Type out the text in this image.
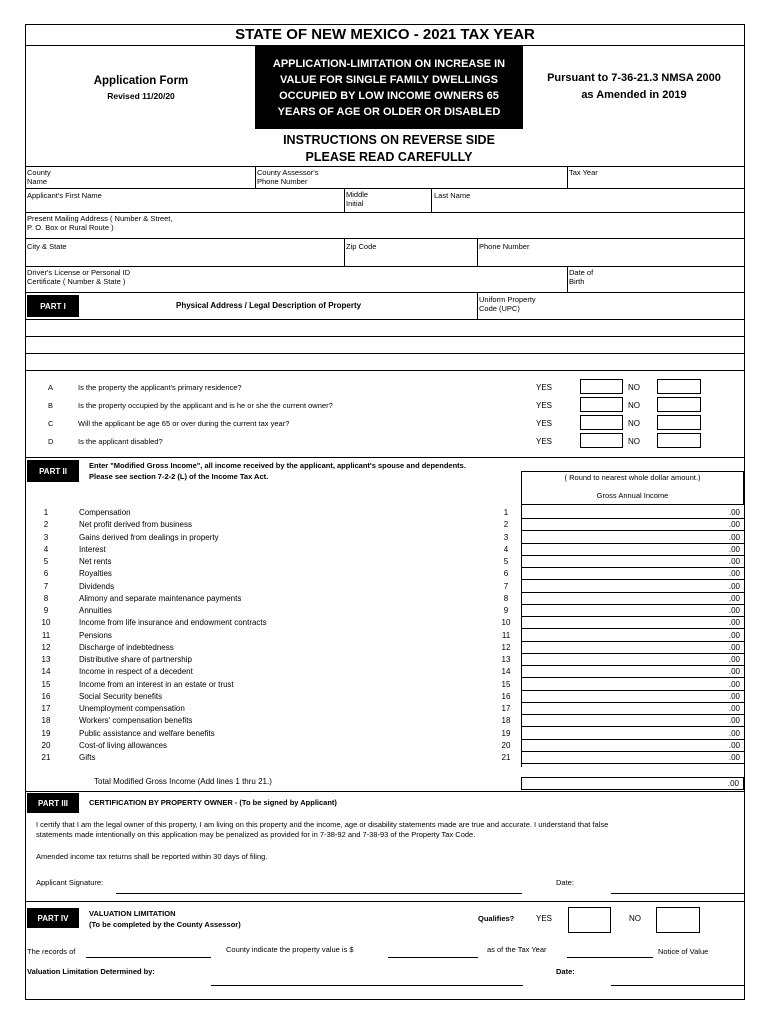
STATE OF NEW MEXICO - 2021 TAX YEAR
Application Form
Revised 11/20/20
APPLICATION-LIMITATION ON INCREASE IN
VALUE FOR SINGLE FAMILY DWELLINGS
OCCUPIED BY LOW INCOME OWNERS 65
YEARS OF AGE OR OLDER OR DISABLED
Pursuant to 7-36-21.3 NMSA 2000
as Amended in 2019
INSTRUCTIONS ON REVERSE SIDE
PLEASE READ CAREFULLY
County
Name
County Assessor's
Phone Number
Tax Year
Applicant's First Name	Middle
Initial
Last Name
Present Mailing Address ( Number & Street,
P. O. Box or Rural Route )
City & State	Zip Code	Phone Number
Driver's License or Personal ID
Certificate ( Number & State )
Date of
Birth
PART I	Physical Address / Legal Description of Property
Uniform Property
Code (UPC)
A	Is the property the applicant's primary residence?	YES	NO
B	Is the property occupied by the applicant and is he or she the current owner?	YES	NO
C	Will the applicant be age 65 or over during the current tax year?	YES	NO
D	Is the applicant disabled?	YES	NO
PART II
Enter "Modified Gross Income", all income received by the applicant, applicant's spouse and dependents.
Please see section 7-2-2 (L) of the Income Tax Act.	( Round to nearest whole dollar amount.)
Gross Annual Income
1	Compensation	1	.00
2	Net profit derived from business	2	.00
3	Gains derived from dealings in property	3	.00
4	Interest	4	.00
5	Net rents	5	.00
6	Royalties	6	.00
7	Dividends	7	.00
8	Alimony and separate maintenance payments	8	.00
9	Annuities	9	.00
10	Income from life insurance and endowment contracts	10	.00
11	Pensions	11	.00
12	Discharge of indebtedness	12	.00
13	Distributive share of partnership	13	.00
14	Income in respect of a decedent	14	.00
15	Income from an interest in an estate or trust	15	.00
16	Social Security benefits	16	.00
17	Unemployment compensation	17	.00
18	Workers' compensation benefits	18	.00
19	Public assistance and welfare benefits	19	.00
20	Cost-of living allowances	20	.00
21	Gifts	21	.00
Total Modified Gross Income (Add lines 1 thru 21.)	.00
PART III	CERTIFICATION BY PROPERTY OWNER - (To be signed by Applicant)
I certify that I am the legal owner of this property, I am living on this property and the income, age or disability statements made are true and accurate. I understand that false
statements made intentionally on this application may be penalized as provided for in 7-38-92 and 7-38-93 of the Property Tax Code.
Amended income tax returns shall be reported within 30 days of filing.
Applicant Signature:	Date:
PART IV	VALUATION LIMITATION
(To be completed by the County Assessor)
Qualifies?	YES	NO
The records of	County indicate the property value is $	as of the Tax Year	Notice of Value
Valuation Limitation Determined by:	Date:
